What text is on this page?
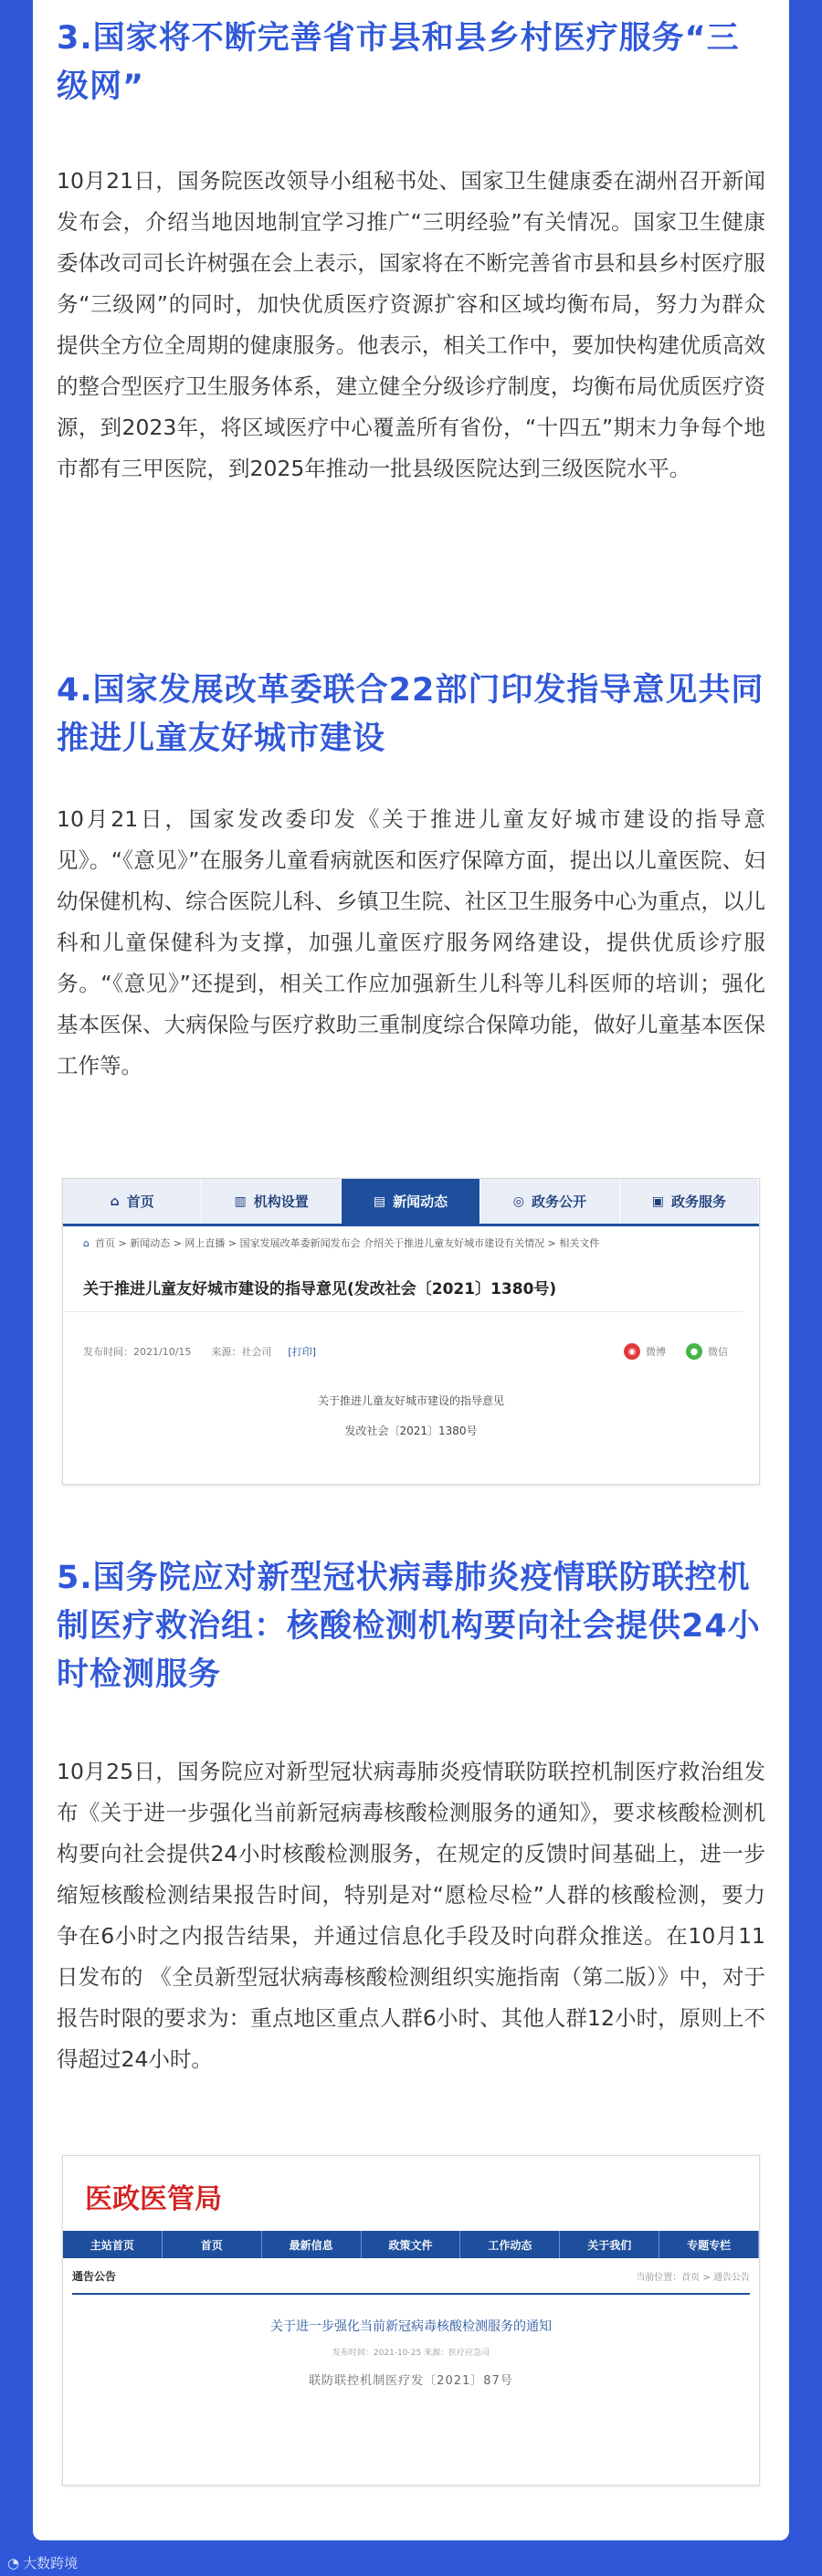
3.国家将不断完善省市县和县乡村医疗服务“三级网”

10月21日，国务院医改领导小组秘书处、国家卫生健康委在湖州召开新闻发布会，介绍当地因地制宜学习推广“三明经验”有关情况。国家卫生健康委体改司司长许树强在会上表示，国家将在不断完善省市县和县乡村医疗服务“三级网”的同时，加快优质医疗资源扩容和区域均衡布局，努力为群众提供全方位全周期的健康服务。他表示，相关工作中，要加快构建优质高效的整合型医疗卫生服务体系，建立健全分级诊疗制度，均衡布局优质医疗资源，到2023年，将区域医疗中心覆盖所有省份，“十四五”期末力争每个地市都有三甲医院，到2025年推动一批县级医院达到三级医院水平。

4.国家发展改革委联合22部门印发指导意见共同推进儿童友好城市建设

10月21日，国家发改委印发《关于推进儿童友好城市建设的指导意见》。“《意见》”在服务儿童看病就医和医疗保障方面，提出以儿童医院、妇幼保健机构、综合医院儿科、乡镇卫生院、社区卫生服务中心为重点，以儿科和儿童保健科为支撑，加强儿童医疗服务网络建设，提供优质诊疗服务。“《意见》”还提到，相关工作应加强新生儿科等儿科医师的培训；强化基本医保、大病保险与医疗救助三重制度综合保障功能，做好儿童基本医保工作等。

⌂ 首页	▥ 机构设置	▤ 新闻动态	◎ 政务公开	▣ 政务服务
⌂ 首页 > 新闻动态 > 网上直播 > 国家发展改革委新闻发布会 介绍关于推进儿童友好城市建设有关情况 > 相关文件
关于推进儿童友好城市建设的指导意见(发改社会〔2021〕1380号)
发布时间：2021/10/15 来源：社会司 [打印]	◉ 微博	● 微信
关于推进儿童友好城市建设的指导意见
发改社会〔2021〕1380号
5.国务院应对新型冠状病毒肺炎疫情联防联控机制医疗救治组：核酸检测机构要向社会提供24小时检测服务

10月25日，国务院应对新型冠状病毒肺炎疫情联防联控机制医疗救治组发布《关于进一步强化当前新冠病毒核酸检测服务的通知》，要求核酸检测机构要向社会提供24小时核酸检测服务，在规定的反馈时间基础上，进一步缩短核酸检测结果报告时间，特别是对“愿检尽检”人群的核酸检测，要力争在6小时之内报告结果，并通过信息化手段及时向群众推送。在10月11日发布的 《全员新型冠状病毒核酸检测组织实施指南（第二版）》中，对于报告时限的要求为：重点地区重点人群6小时、其他人群12小时，原则上不得超过24小时。

医政医管局
主站首页	首页	最新信息	政策文件	工作动态	关于我们	专题专栏
通告公告	当前位置：首页 > 通告公告
关于进一步强化当前新冠病毒核酸检测服务的通知
发布时间：2021-10-25 来源：医疗应急司
联防联控机制医疗发〔2021〕87号
◔ 大数跨境
